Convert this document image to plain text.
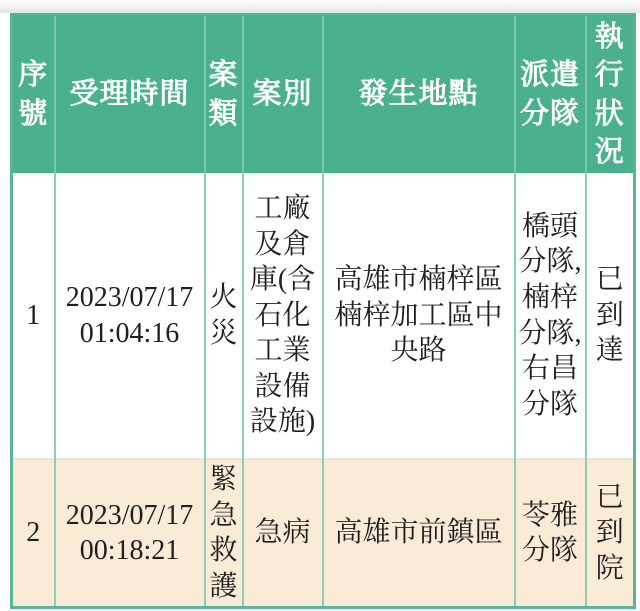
序號	受理時間	案類	案別	發生地點	派遣分隊	執行狀況
1	2023/07/17 01:04:16	火災	工廠及倉庫(含石化工業設備設施)	高雄市楠梓區楠梓加工區中央路	橋頭分隊,楠梓分隊,右昌分隊	已到達
2	2023/07/17 00:18:21	緊急救護	急病	高雄市前鎮區	苓雅分隊	已到院
